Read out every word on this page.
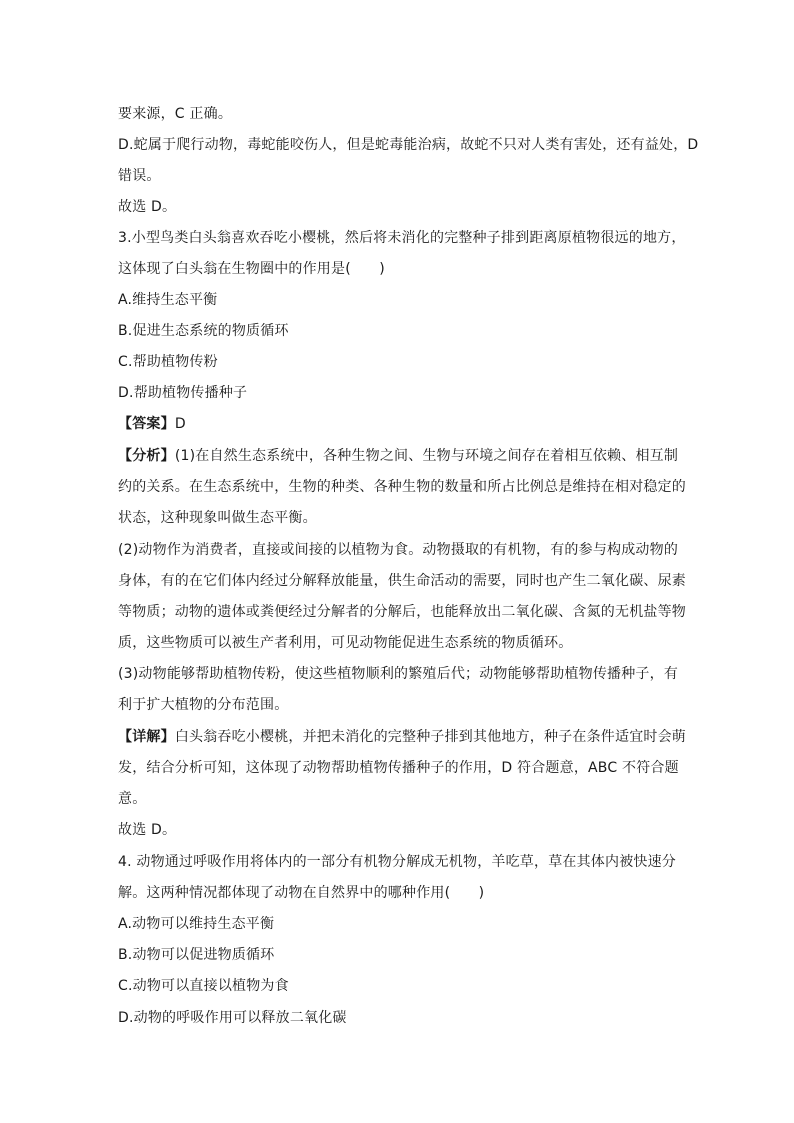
要来源，C 正确。
D.蛇属于爬行动物，毒蛇能咬伤人，但是蛇毒能治病，故蛇不只对人类有害处，还有益处，D
错误。
故选 D。
3.小型鸟类白头翁喜欢吞吃小樱桃，然后将未消化的完整种子排到距离原植物很远的地方，
这体现了白头翁在生物圈中的作用是(　　)
A.维持生态平衡
B.促进生态系统的物质循环
C.帮助植物传粉
D.帮助植物传播种子
【答案】D
【分析】(1)在自然生态系统中，各种生物之间、生物与环境之间存在着相互依赖、相互制
约的关系。在生态系统中，生物的种类、各种生物的数量和所占比例总是维持在相对稳定的
状态，这种现象叫做生态平衡。
(2)动物作为消费者，直接或间接的以植物为食。动物摄取的有机物，有的参与构成动物的
身体，有的在它们体内经过分解释放能量，供生命活动的需要，同时也产生二氧化碳、尿素
等物质；动物的遗体或粪便经过分解者的分解后，也能释放出二氧化碳、含氮的无机盐等物
质，这些物质可以被生产者利用，可见动物能促进生态系统的物质循环。
(3)动物能够帮助植物传粉，使这些植物顺利的繁殖后代；动物能够帮助植物传播种子，有
利于扩大植物的分布范围。
【详解】白头翁吞吃小樱桃，并把未消化的完整种子排到其他地方，种子在条件适宜时会萌
发，结合分析可知，这体现了动物帮助植物传播种子的作用，D 符合题意，ABC 不符合题
意。
故选 D。
4. 动物通过呼吸作用将体内的一部分有机物分解成无机物，羊吃草，草在其体内被快速分
解。这两种情况都体现了动物在自然界中的哪种作用(　　)
A.动物可以维持生态平衡
B.动物可以促进物质循环
C.动物可以直接以植物为食
D.动物的呼吸作用可以释放二氧化碳
